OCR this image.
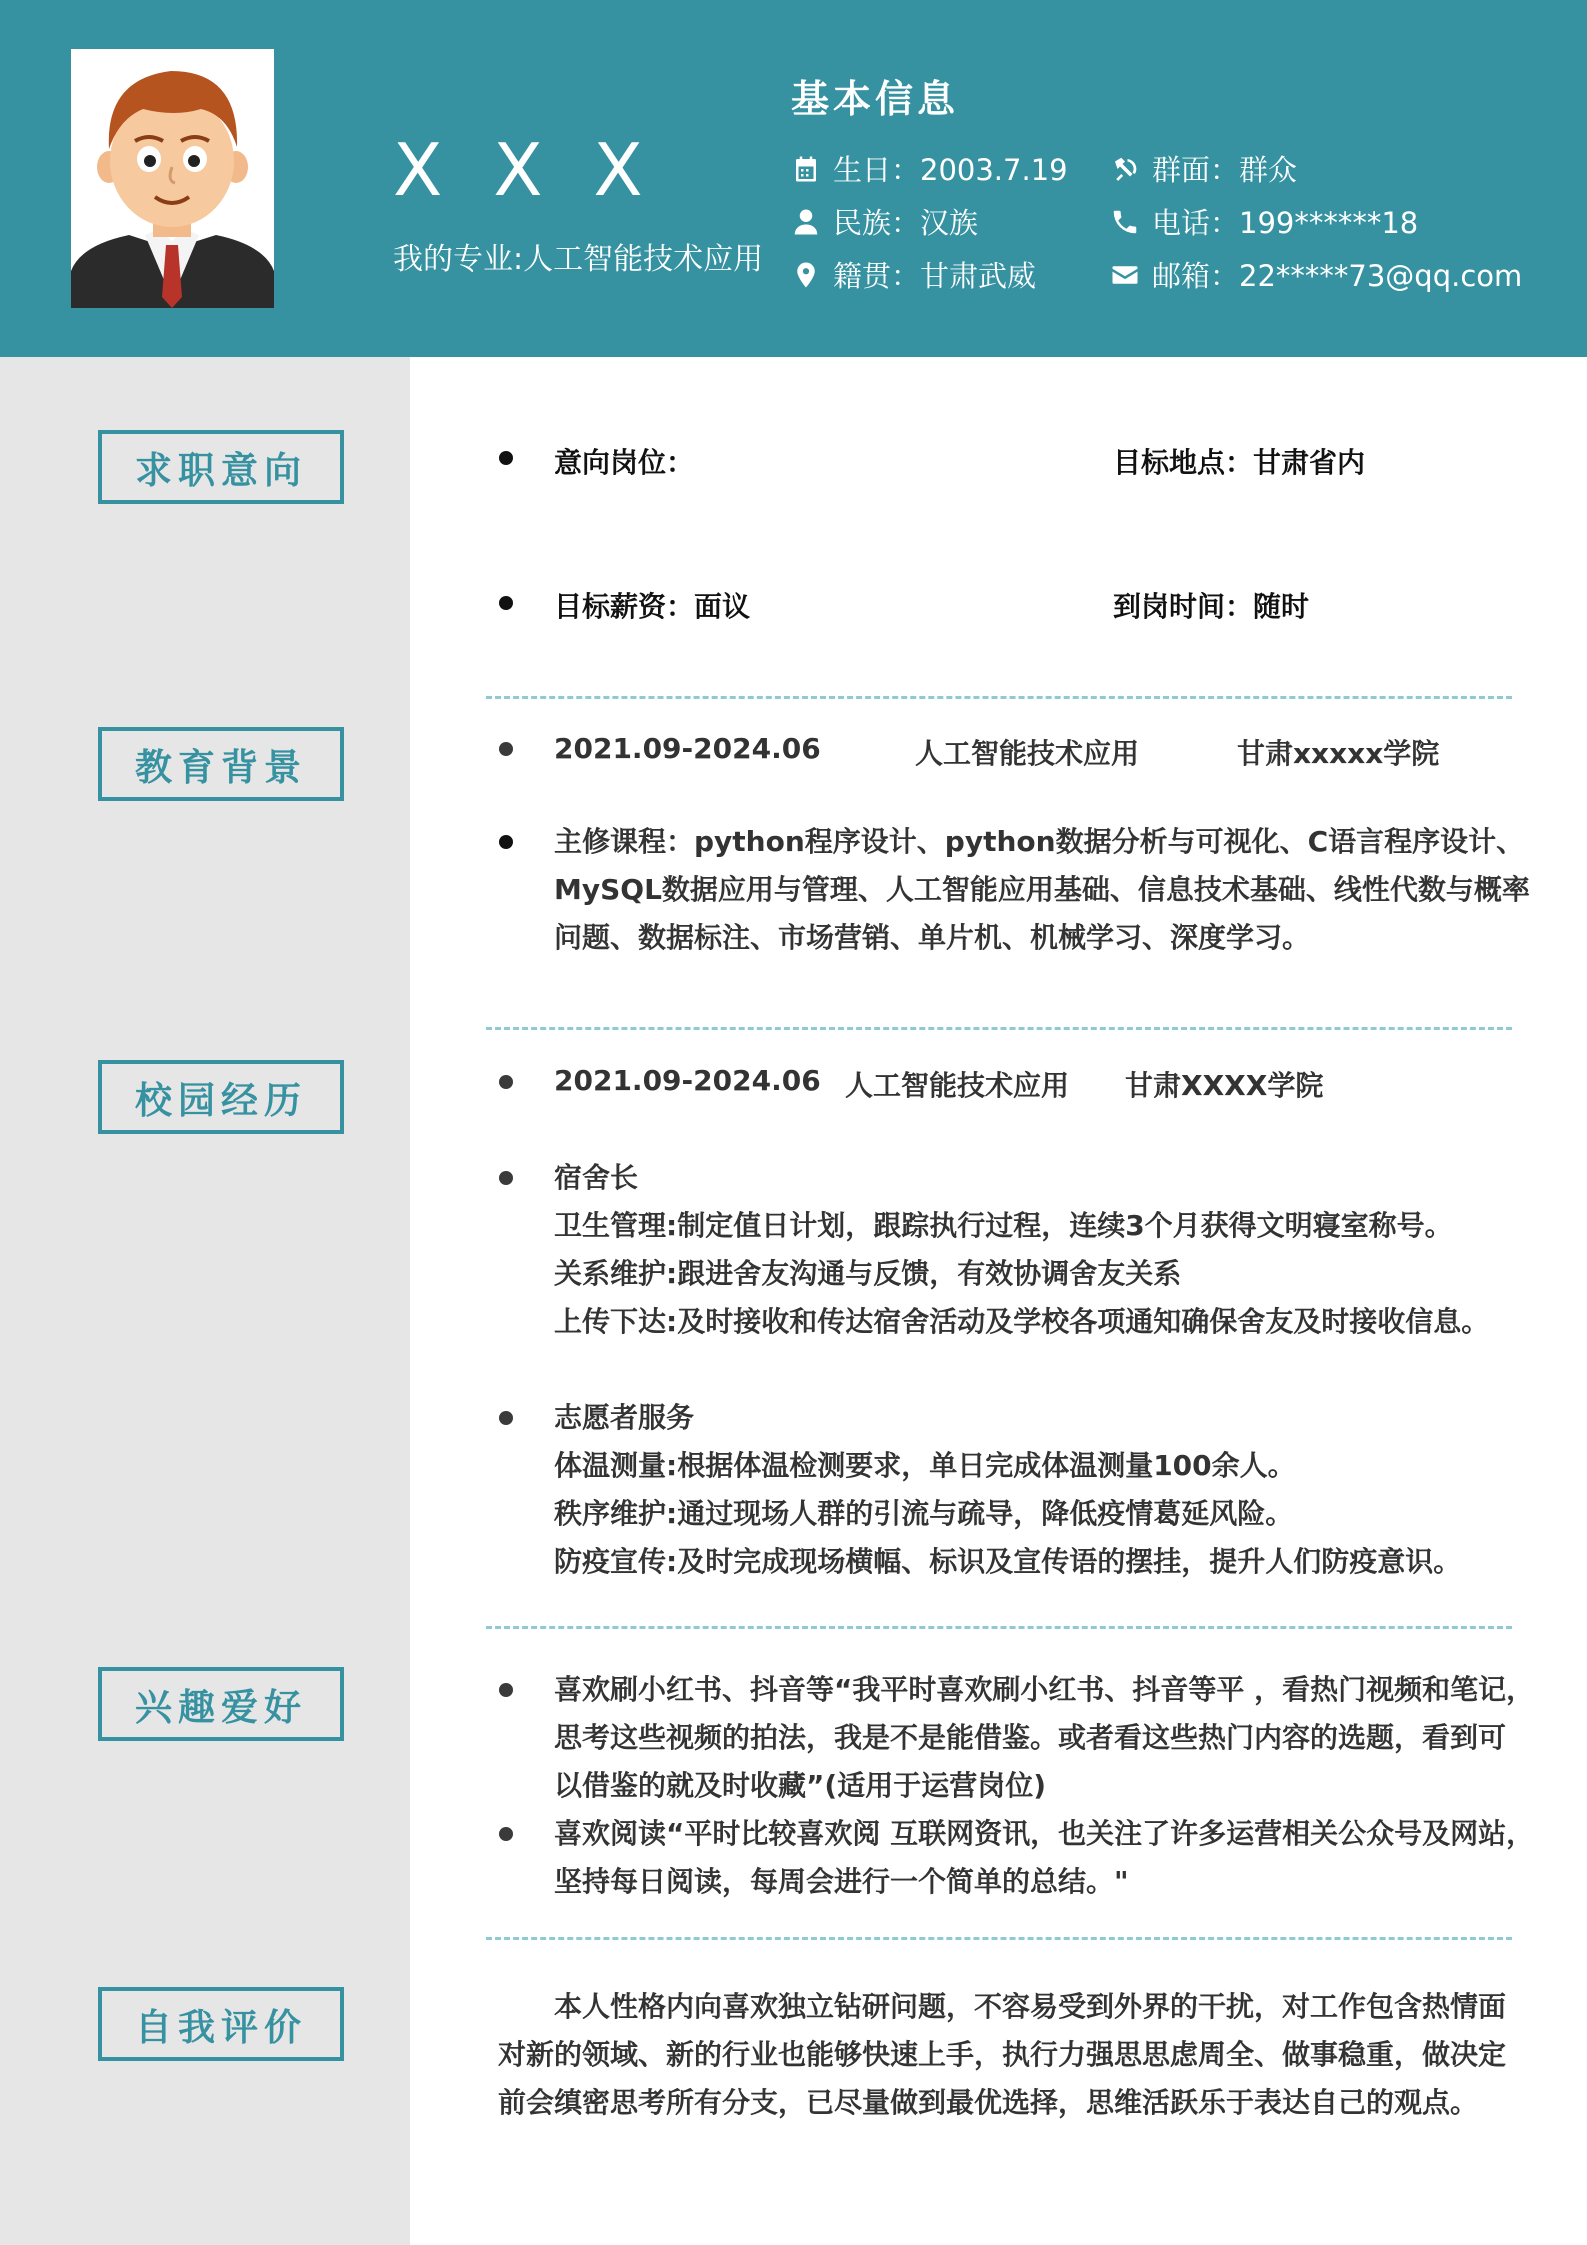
X X X
我的专业:人工智能技术应用
基本信息
生日：2003.7.19	群面：群众
民族：汉族	电话：199******18
籍贯：甘肃武威	邮箱：22*****73@qq.com
求职意向
教育背景
校园经历
兴趣爱好
自我评价
意向岗位：	目标地点：甘肃省内
目标薪资：面议	到岗时间：随时
2021.09-2024.06	人工智能技术应用	甘肃xxxxx学院
主修课程：python程序设计、python数据分析与可视化、C语言程序设计、
MySQL数据应用与管理、人工智能应用基础、信息技术基础、线性代数与概率
问题、数据标注、市场营销、单片机、机械学习、深度学习。
2021.09-2024.06 人工智能技术应用 甘肃XXXX学院
宿舍长
卫生管理:制定值日计划，跟踪执行过程，连续3个月获得文明寝室称号。
关系维护:跟进舍友沟通与反馈，有效协调舍友关系
上传下达:及时接收和传达宿舍活动及学校各项通知确保舍友及时接收信息。
志愿者服务
体温测量:根据体温检测要求，单日完成体温测量100余人。
秩序维护:通过现场人群的引流与疏导，降低疫情葛延风险。
防疫宣传:及时完成现场横幅、标识及宣传语的摆挂，提升人们防疫意识。
喜欢刷小红书、抖音等“我平时喜欢刷小红书、抖音等平 ，看热门视频和笔记，
思考这些视频的拍法，我是不是能借鉴。或者看这些热门内容的选题，看到可
以借鉴的就及时收藏”(适用于运营岗位)
喜欢阅读“平时比较喜欢阅 互联网资讯，也关注了许多运营相关公众号及网站，
坚持每日阅读，每周会进行一个简单的总结。"
本人性格内向喜欢独立钻研问题，不容易受到外界的干扰，对工作包含热情面
对新的领域、新的行业也能够快速上手，执行力强思思虑周全、做事稳重，做决定
前会缜密思考所有分支，已尽量做到最优选择，思维活跃乐于表达自己的观点。
